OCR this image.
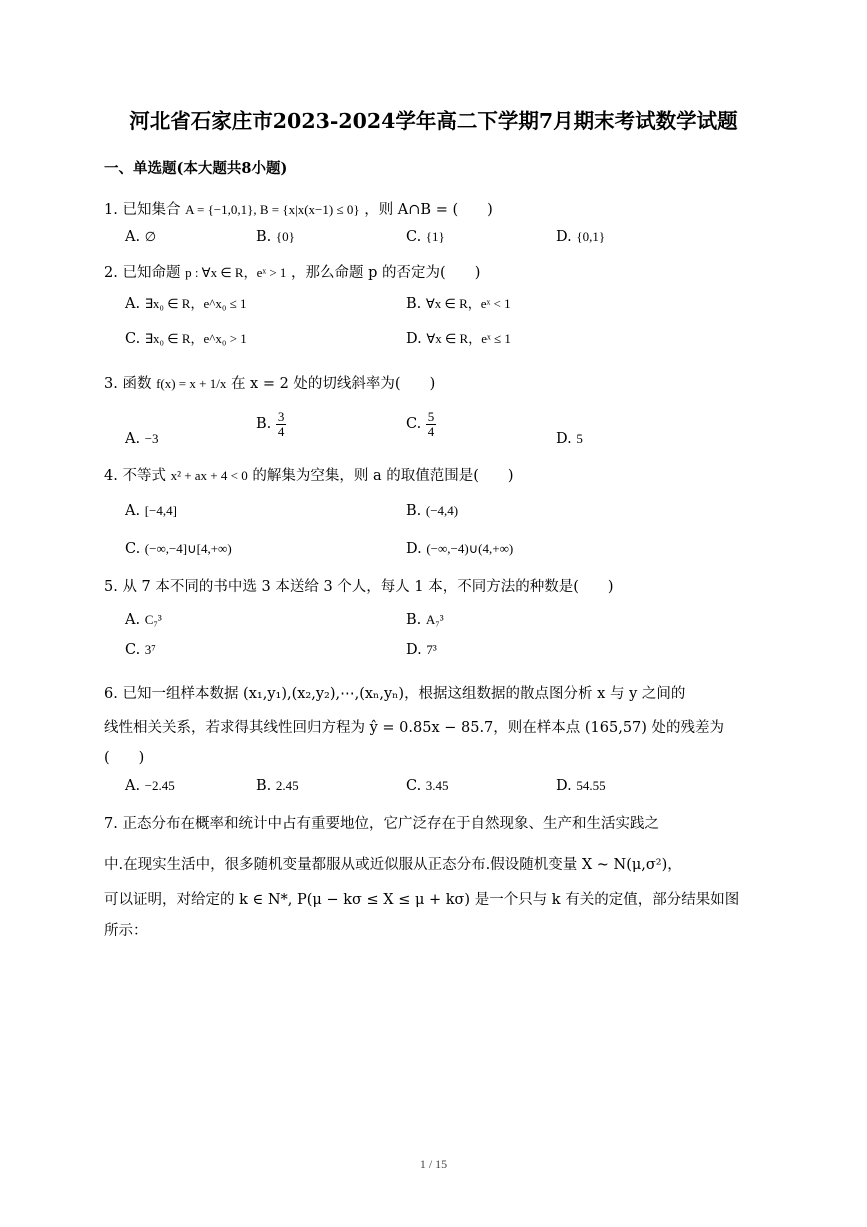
河北省石家庄市2023-2024学年高二下学期7月期末考试数学试题
一、单选题(本大题共8小题)
1. 已知集合 A = {−1,0,1}, B = {x|x(x−1) ≤ 0} ，则 A∩B = (　　)
A. ∅	B. {0}	C. {1}	D. {0,1}
2. 已知命题 p : ∀x ∈ R，eˣ > 1 ，那么命题 p 的否定为(　　)
A. ∃x₀ ∈ R，e^x₀ ≤ 1	B. ∀x ∈ R，eˣ < 1
C. ∃x₀ ∈ R，e^x₀ > 1	D. ∀x ∈ R，eˣ ≤ 1
3. 函数 f(x) = x + 1/x 在 x = 2 处的切线斜率为(　　)
A. −3
B. $\frac{3}{4}$	C. $\frac{5}{4}$
D. 5
4. 不等式 x² + ax + 4 < 0 的解集为空集，则 a 的取值范围是(　　)
A. [−4,4]	B. (−4,4)
C. (−∞,−4]∪[4,+∞)	D. (−∞,−4)∪(4,+∞)
5. 从 7 本不同的书中选 3 本送给 3 个人，每人 1 本，不同方法的种数是(　　)
A. C₇³	B. A₇³
C. 3⁷	D. 7³
6. 已知一组样本数据 (x₁,y₁),(x₂,y₂),⋯,(xₙ,yₙ)，根据这组数据的散点图分析 x 与 y 之间的
线性相关关系，若求得其线性回归方程为 ŷ = 0.85x − 85.7，则在样本点 (165,57) 处的残差为
(　　)
A. −2.45	B. 2.45	C. 3.45	D. 54.55
7. 正态分布在概率和统计中占有重要地位，它广泛存在于自然现象、生产和生活实践之
中.在现实生活中，很多随机变量都服从或近似服从正态分布.假设随机变量 X ~ N(μ,σ²)，
可以证明，对给定的 k ∈ N*, P(μ − kσ ≤ X ≤ μ + kσ) 是一个只与 k 有关的定值，部分结果如图
所示：
1 / 15
